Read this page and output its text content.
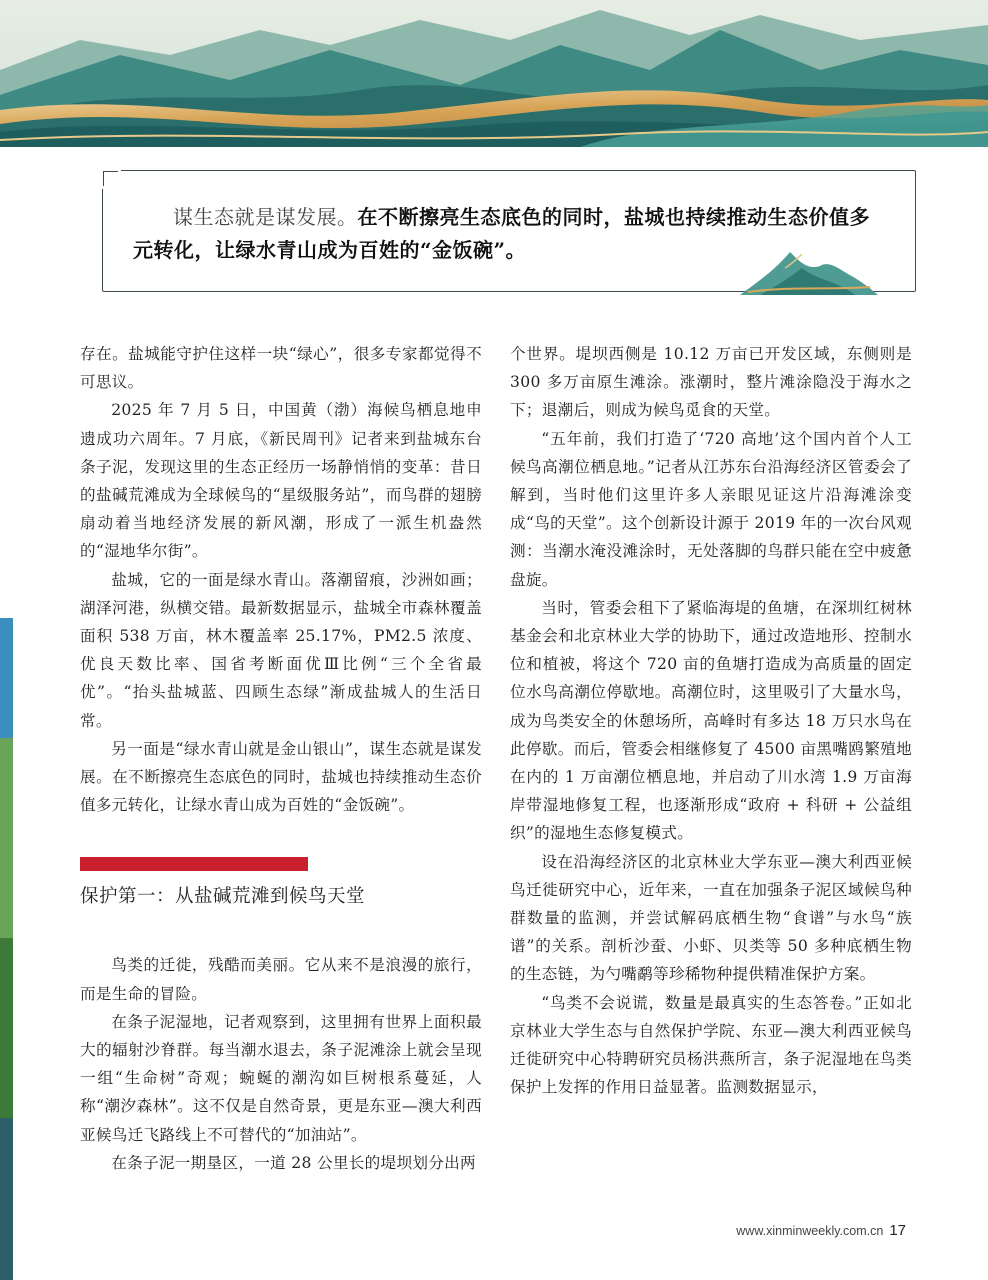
谋生态就是谋发展。在不断擦亮生态底色的同时，盐城也持续推动生态价值多元转化，让绿水青山成为百姓的“金饭碗”。

存在。盐城能守护住这样一块“绿心”，很多专家都觉得不可思议。

2025 年 7 月 5 日，中国黄（渤）海候鸟栖息地申遗成功六周年。7 月底，《新民周刊》记者来到盐城东台条子泥，发现这里的生态正经历一场静悄悄的变革：昔日的盐碱荒滩成为全球候鸟的“星级服务站”，而鸟群的翅膀扇动着当地经济发展的新风潮，形成了一派生机盎然的“湿地华尔街”。

盐城，它的一面是绿水青山。落潮留痕，沙洲如画；湖泽河港，纵横交错。最新数据显示，盐城全市森林覆盖面积 538 万亩，林木覆盖率 25.17%，PM2.5 浓度、优良天数比率、国省考断面优Ⅲ比例“三个全省最优”。“抬头盐城蓝、四顾生态绿”渐成盐城人的生活日常。

另一面是“绿水青山就是金山银山”，谋生态就是谋发展。在不断擦亮生态底色的同时，盐城也持续推动生态价值多元转化，让绿水青山成为百姓的“金饭碗”。

保护第一：从盐碱荒滩到候鸟天堂

鸟类的迁徙，残酷而美丽。它从来不是浪漫的旅行，而是生命的冒险。

在条子泥湿地，记者观察到，这里拥有世界上面积最大的辐射沙脊群。每当潮水退去，条子泥滩涂上就会呈现一组“生命树”奇观；蜿蜒的潮沟如巨树根系蔓延，人称“潮汐森林”。这不仅是自然奇景，更是东亚—澳大利西亚候鸟迁飞路线上不可替代的“加油站”。

在条子泥一期垦区，一道 28 公里长的堤坝划分出两

个世界。堤坝西侧是 10.12 万亩已开发区域，东侧则是 300 多万亩原生滩涂。涨潮时，整片滩涂隐没于海水之下；退潮后，则成为候鸟觅食的天堂。

“五年前，我们打造了‘720 高地’这个国内首个人工候鸟高潮位栖息地。”记者从江苏东台沿海经济区管委会了解到，当时他们这里许多人亲眼见证这片沿海滩涂变成“鸟的天堂”。这个创新设计源于 2019 年的一次台风观测：当潮水淹没滩涂时，无处落脚的鸟群只能在空中疲惫盘旋。

当时，管委会租下了紧临海堤的鱼塘，在深圳红树林基金会和北京林业大学的协助下，通过改造地形、控制水位和植被，将这个 720 亩的鱼塘打造成为高质量的固定位水鸟高潮位停歇地。高潮位时，这里吸引了大量水鸟，成为鸟类安全的休憩场所，高峰时有多达 18 万只水鸟在此停歇。而后，管委会相继修复了 4500 亩黑嘴鸥繁殖地在内的 1 万亩潮位栖息地，并启动了川水湾 1.9 万亩海岸带湿地修复工程，也逐渐形成“政府 + 科研 + 公益组织”的湿地生态修复模式。

设在沿海经济区的北京林业大学东亚—澳大利西亚候鸟迁徙研究中心，近年来，一直在加强条子泥区域候鸟种群数量的监测，并尝试解码底栖生物“食谱”与水鸟“族谱”的关系。剖析沙蚕、小虾、贝类等 50 多种底栖生物的生态链，为勺嘴鹬等珍稀物种提供精准保护方案。

“鸟类不会说谎，数量是最真实的生态答卷。”正如北京林业大学生态与自然保护学院、东亚—澳大利西亚候鸟迁徙研究中心特聘研究员杨洪燕所言，条子泥湿地在鸟类保护上发挥的作用日益显著。监测数据显示，

www.xinminweekly.com.cn 17
